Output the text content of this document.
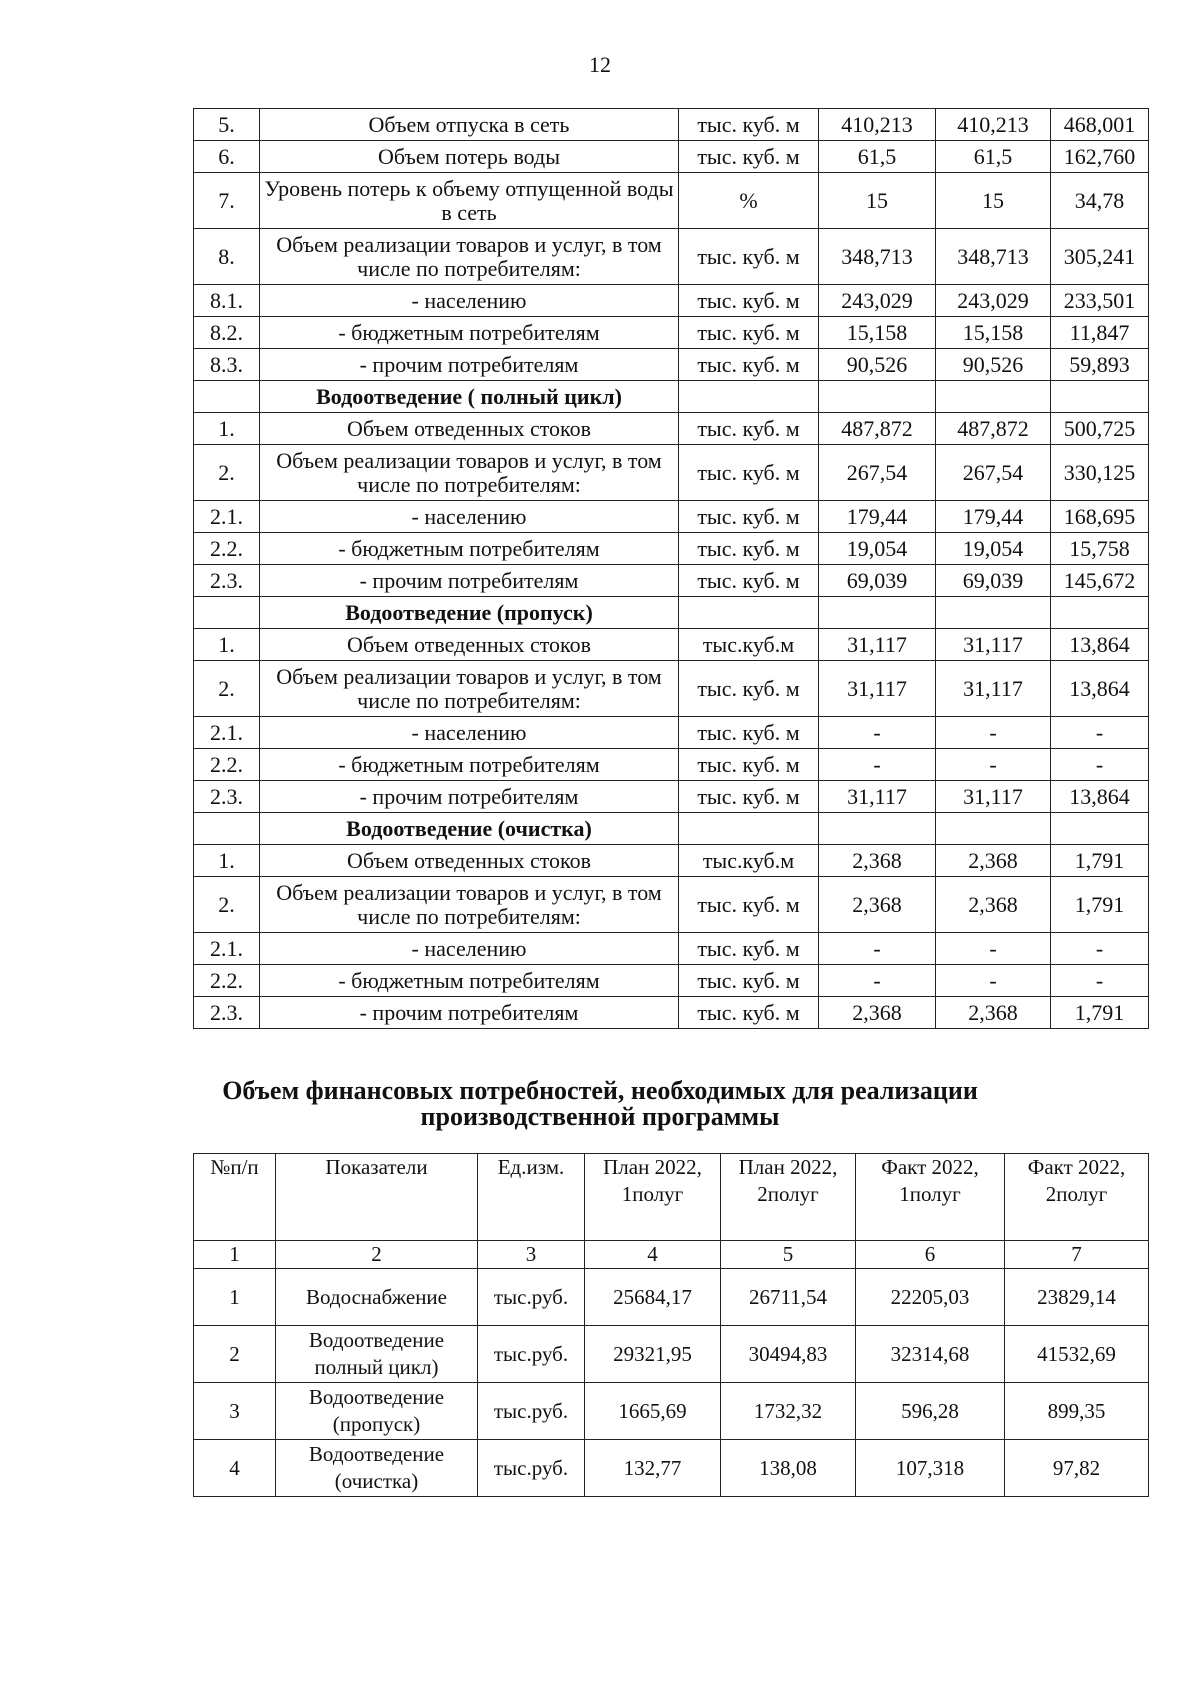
12
5.	Объем отпуска в сеть	тыс. куб. м	410,213	410,213	468,001
6.	Объем потерь воды	тыс. куб. м	61,5	61,5	162,760
7.	Уровень потерь к объему отпущенной воды в сеть	%	15	15	34,78
8.	Объем реализации товаров и услуг, в том числе по потребителям:	тыс. куб. м	348,713	348,713	305,241
8.1.	- населению	тыс. куб. м	243,029	243,029	233,501
8.2.	- бюджетным потребителям	тыс. куб. м	15,158	15,158	11,847
8.3.	- прочим потребителям	тыс. куб. м	90,526	90,526	59,893
	Водоотведение ( полный цикл)				
1.	Объем отведенных стоков	тыс. куб. м	487,872	487,872	500,725
2.	Объем реализации товаров и услуг, в том числе по потребителям:	тыс. куб. м	267,54	267,54	330,125
2.1.	- населению	тыс. куб. м	179,44	179,44	168,695
2.2.	- бюджетным потребителям	тыс. куб. м	19,054	19,054	15,758
2.3.	- прочим потребителям	тыс. куб. м	69,039	69,039	145,672
	Водоотведение (пропуск)				
1.	Объем отведенных стоков	тыс.куб.м	31,117	31,117	13,864
2.	Объем реализации товаров и услуг, в том числе по потребителям:	тыс. куб. м	31,117	31,117	13,864
2.1.	- населению	тыс. куб. м	-	-	-
2.2.	- бюджетным потребителям	тыс. куб. м	-	-	-
2.3.	- прочим потребителям	тыс. куб. м	31,117	31,117	13,864
	Водоотведение (очистка)				
1.	Объем отведенных стоков	тыс.куб.м	2,368	2,368	1,791
2.	Объем реализации товаров и услуг, в том числе по потребителям:	тыс. куб. м	2,368	2,368	1,791
2.1.	- населению	тыс. куб. м	-	-	-
2.2.	- бюджетным потребителям	тыс. куб. м	-	-	-
2.3.	- прочим потребителям	тыс. куб. м	2,368	2,368	1,791
Объем финансовых потребностей, необходимых для реализации
производственной программы
№п/п	Показатели	Ед.изм.	План 2022, 1полуг	План 2022, 2полуг	Факт 2022, 1полуг	Факт 2022, 2полуг
1	2	3	4	5	6	7
1	Водоснабжение	тыс.руб.	25684,17	26711,54	22205,03	23829,14
2	Водоотведение полный цикл)	тыс.руб.	29321,95	30494,83	32314,68	41532,69
3	Водоотведение (пропуск)	тыс.руб.	1665,69	1732,32	596,28	899,35
4	Водоотведение (очистка)	тыс.руб.	132,77	138,08	107,318	97,82
